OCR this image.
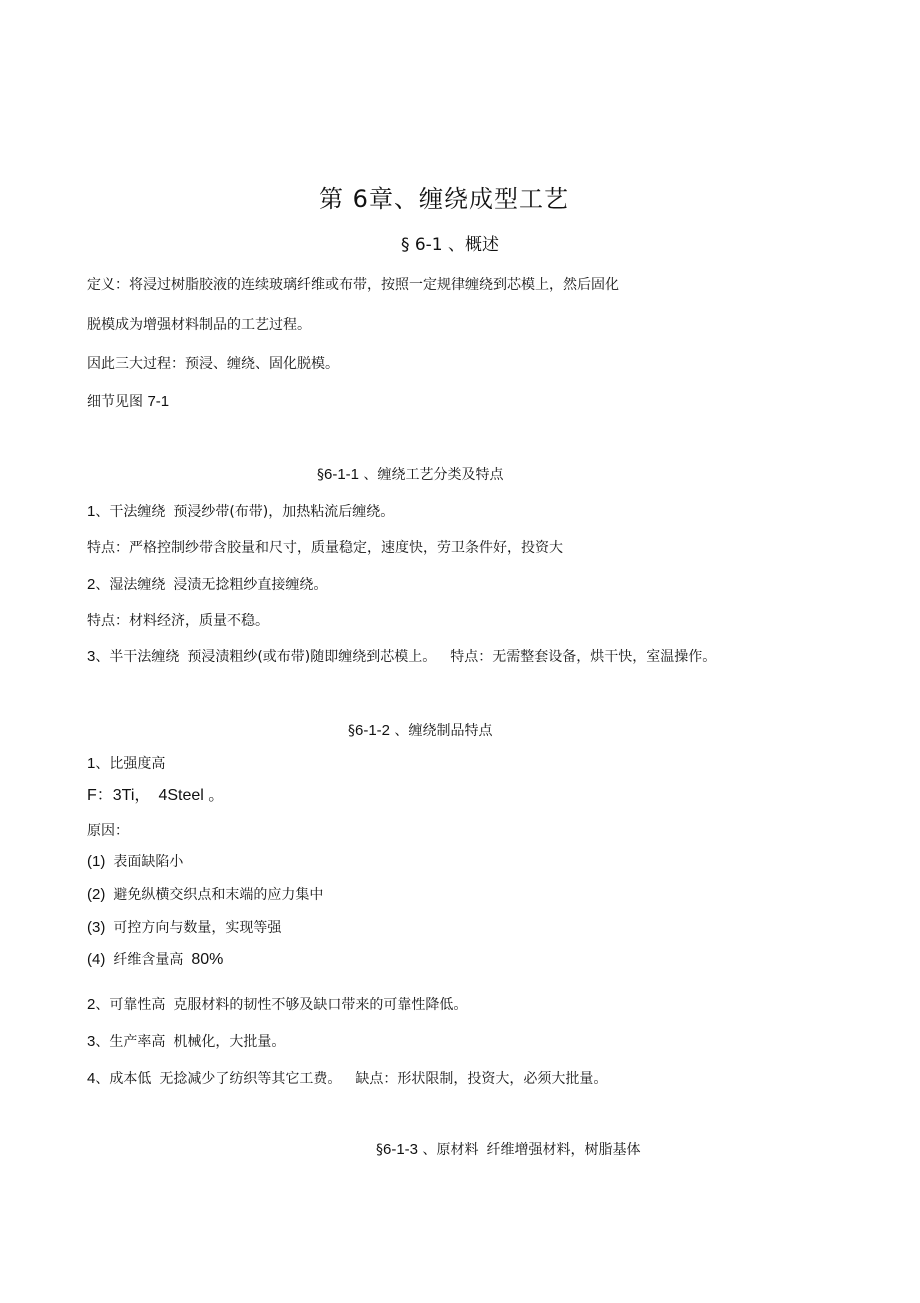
第 6章、缠绕成型工艺
§ 6-1 、概述
定义：将浸过树脂胶液的连续玻璃纤维或布带，按照一定规律缠绕到芯模上，然后固化
脱模成为增强材料制品的工艺过程。
因此三大过程：预浸、缠绕、固化脱模。
细节见图 7-1
§6-1-1 、缠绕工艺分类及特点
1、干法缠绕 预浸纱带(布带)，加热粘流后缠绕。
特点：严格控制纱带含胶量和尺寸，质量稳定，速度快，劳卫条件好，投资大
2、湿法缠绕 浸渍无捻粗纱直接缠绕。
特点：材料经济，质量不稳。
3、半干法缠绕 预浸渍粗纱(或布带)随即缠绕到芯模上。 特点：无需整套设备，烘干快，室温操作。
§6-1-2 、缠绕制品特点
1、比强度高
F：3Ti， 4Steel 。
原因：
(1) 表面缺陷小
(2) 避免纵横交织点和末端的应力集中
(3) 可控方向与数量，实现等强
(4) 纤维含量高 80%
2、可靠性高 克服材料的韧性不够及缺口带来的可靠性降低。
3、生产率高 机械化，大批量。
4、成本低 无捻减少了纺织等其它工费。 缺点：形状限制，投资大，必须大批量。
§6-1-3 、原材料 纤维增强材料，树脂基体
